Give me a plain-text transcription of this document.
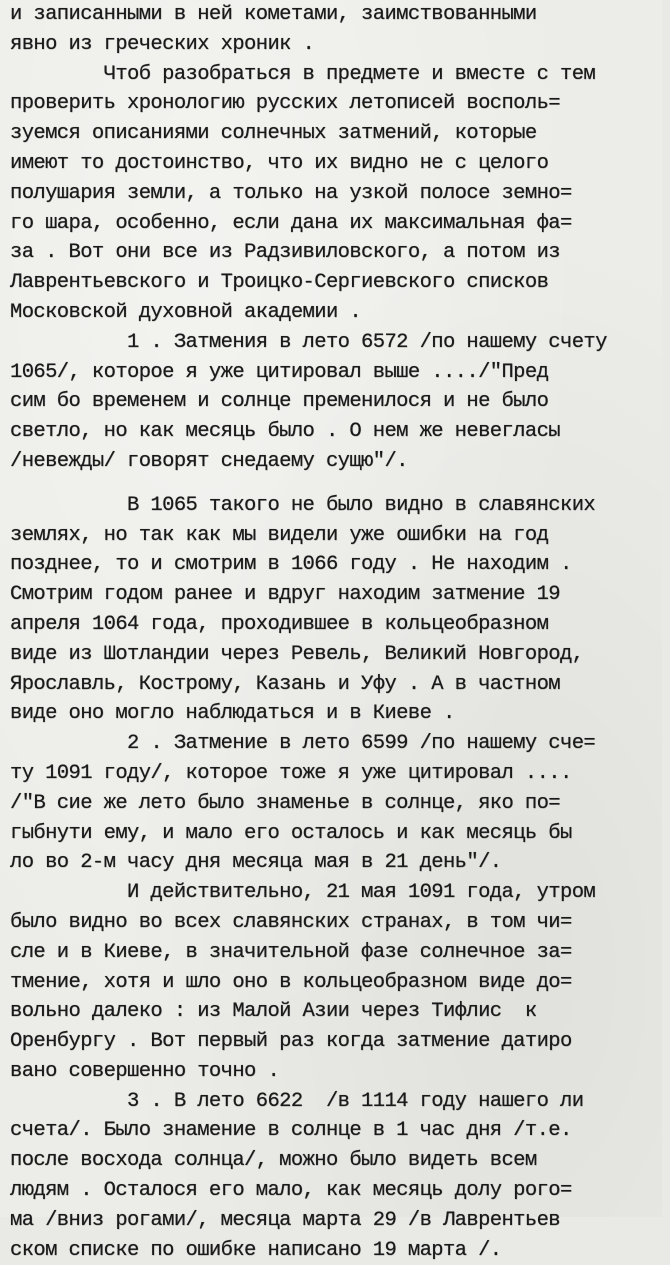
и записанными в ней кометами, заимствованными
явно из греческих хроник .
Чтоб разобраться в предмете и вместе с тем
проверить хронологию русских летописей восполь=
зуемся описаниями солнечных затмений, которые
имеют то достоинство, что их видно не с целого
полушария земли, а только на узкой полосе земно=
го шара, особенно, если дана их максимальная фа=
за . Вот они все из Радзивиловского, а потом из
Лаврентьевского и Троицко-Сергиевского списков
Московской духовной академии .
1 . Затмения в лето 6572 /по нашему счету
1065/, которое я уже цитировал выше ..../"Пред
сим бо временем и солнце пременилося и не было
светло, но как месяць было . О нем же невегласы
/невежды/ говорят снедаему сущю"/.
В 1065 такого не было видно в славянских
землях, но так как мы видели уже ошибки на год
позднее, то и смотрим в 1066 году . Не находим .
Смотрим годом ранее и вдруг находим затмение 19
апреля 1064 года, проходившее в кольцеобразном
виде из Шотландии через Ревель, Великий Новгород,
Ярославль, Кострому, Казань и Уфу . А в частном
виде оно могло наблюдаться и в Киеве .
2 . Затмение в лето 6599 /по нашему сче=
ту 1091 году/, которое тоже я уже цитировал ....
/"В сие же лето было знаменье в солнце, яко по=
гыбнути ему, и мало его осталось и как месяць бы
ло во 2-м часу дня месяца мая в 21 день"/.
И действительно, 21 мая 1091 года, утром
было видно во всех славянских странах, в том чи=
сле и в Киеве, в значительной фазе солнечное за=
тмение, хотя и шло оно в кольцеобразном виде до=
вольно далеко : из Малой Азии через Тифлис  к
Оренбургу . Вот первый раз когда затмение датиро
вано совершенно точно .
3 . В лето 6622  /в 1114 году нашего ли
счета/. Было знамение в солнце в 1 час дня /т.е.
после восхода солнца/, можно было видеть всем
людям . Осталося его мало, как месяць долу рого=
ма /вниз рогами/, месяца марта 29 /в Лаврентьев
ском списке по ошибке написано 19 марта /.
